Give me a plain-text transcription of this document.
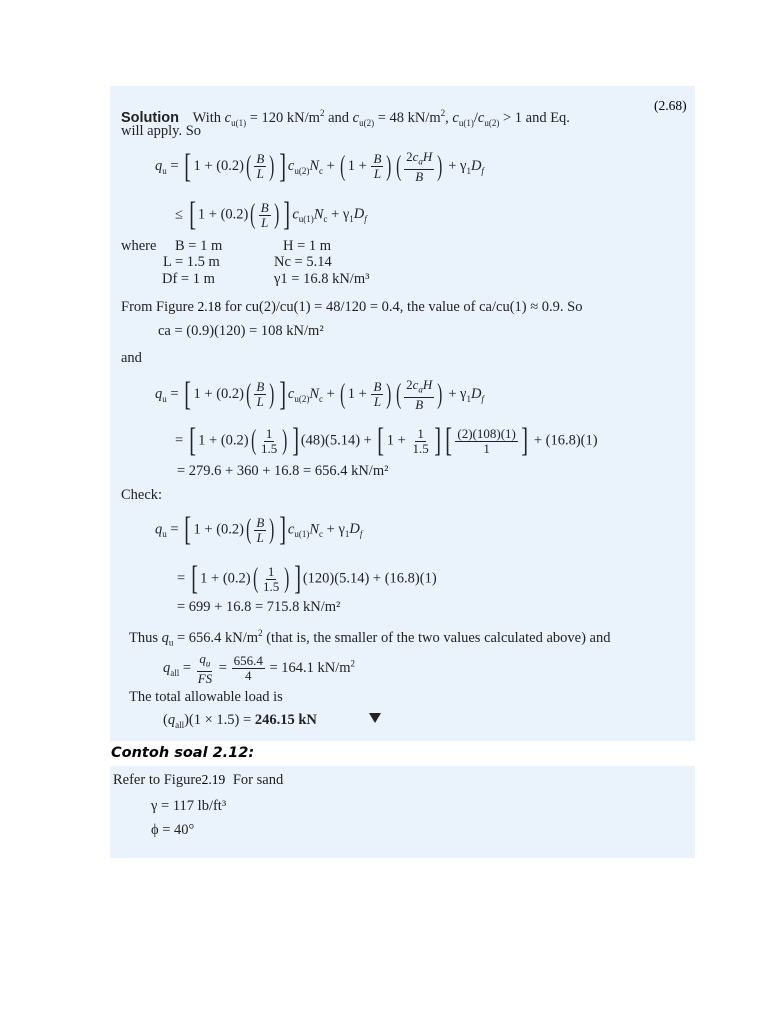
Solution With $c_{u(1)} = 120$ $kN/m^2$ and $c_{u(2)} = 48$ $kN/m^2$, $c_{u(1)}/c_{u(2)} > 1$ and Eq.
(2.68)
will apply. So
$q_u$ = [ $1 + (0.2)( \frac{B}{L}$ ) ] $c_{u(2)}N_c$ + ( $1 + \frac{B}{L}$ ) ( $\frac{2c_aH}{B}$ ) + $\gamma_1D_f$
≤ [ $1 + (0.2)( \frac{B}{L}$ ) ] $c_{u(1)}N_c + \gamma_1D_f$
where B = 1 m	H = 1 m
L = 1.5 m	Nc = 5.14
Df = 1 m	γ1 = 16.8 kN/m³
From Figure 2.18 for cu(2)/cu(1) = 48/120 = 0.4, the value of ca/cu(1) ≈ 0.9. So
ca = (0.9)(120) = 108 kN/m²
and
$q_u$ = [ $1 + (0.2)( \frac{B}{L}$ ) ] $c_{u(2)}N_c$ + ( $1 + \frac{B}{L}$ ) ( $\frac{2c_aH}{B}$ ) + $\gamma_1D_f$
= [ $1 + (0.2)( \frac{1}{1.5}$ ) ] (48)(5.14) + [ $1 + \frac{1}{1.5}$ ] [ $\frac{(2)(108)(1)}{1}$ ] + (16.8)(1)
= 279.6 + 360 + 16.8 = 656.4 kN/m²
Check:
$q_u$ = [ $1 + (0.2)( \frac{B}{L}$ ) ] $c_{u(1)}N_c + \gamma_1D_f$
= [ $1 + (0.2)( \frac{1}{1.5}$ ) ] (120)(5.14) + (16.8)(1)
= 699 + 16.8 = 715.8 kN/m²
Thus $q_u = 656.4$ $kN/m^2$ (that is, the smaller of the two values calculated above) and
$q_{all} = \frac{q_u}{FS} = \frac{656.4}{4} = 164.1$ $kN/m^2$
The total allowable load is
$(q_{all})(1 \times 1.5) = 246.15$ kN
Contoh soal 2.12:
Refer to Figure2.19 For sand
γ = 117 lb/ft³
ϕ = 40°
